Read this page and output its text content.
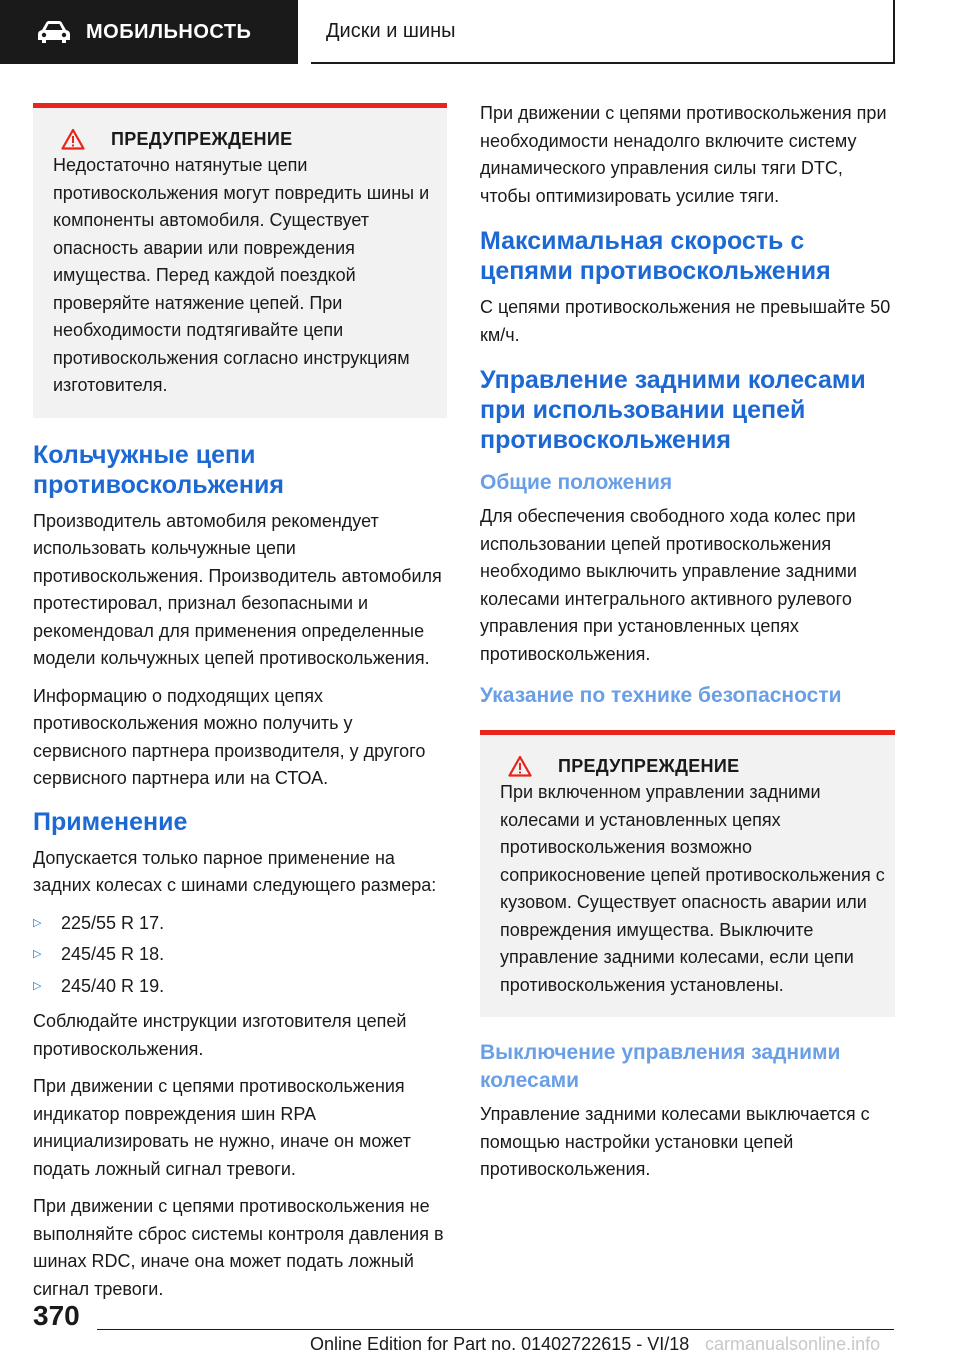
МОБИЛЬНОСТЬ	Диски и шины
ПРЕДУПРЕЖДЕНИЕ

Недостаточно натянутые цепи противоскольжения могут повредить шины и компоненты автомобиля. Существует опасность аварии или повреждения имущества. Перед каждой поездкой проверяйте натяжение цепей. При необходимости подтягивайте цепи противоскольжения согласно инструкциям изготовителя.

Кольчужные цепи противоскольжения

Производитель автомобиля рекомендует использовать кольчужные цепи противоскольжения. Производитель автомобиля протестировал, признал безопасными и рекомендовал для применения определенные модели кольчужных цепей противоскольжения.

Информацию о подходящих цепях противоскольжения можно получить у сервисного партнера производителя, у другого сервисного партнера или на СТОА.

Применение

Допускается только парное применение на задних колесах с шинами следующего размера:

▷	225/55 R 17.
▷	245/45 R 18.
▷	245/40 R 19.

Соблюдайте инструкции изготовителя цепей противоскольжения.

При движении с цепями противоскольжения индикатор повреждения шин RPA инициализировать не нужно, иначе он может подать ложный сигнал тревоги.

При движении с цепями противоскольжения не выполняйте сброс системы контроля давления в шинах RDC, иначе она может подать ложный сигнал тревоги.

При движении с цепями противоскольжения при необходимости ненадолго включите систему динамического управления силы тяги DTC, чтобы оптимизировать усилие тяги.

Максимальная скорость с цепями противоскольжения

С цепями противоскольжения не превышайте 50 км/ч.

Управление задними колесами при использовании цепей противоскольжения
Общие положения

Для обеспечения свободного хода колес при использовании цепей противоскольжения необходимо выключить управление задними колесами интегрального активного рулевого управления при установленных цепях противоскольжения.

Указание по технике безопасности
ПРЕДУПРЕЖДЕНИЕ

При включенном управлении задними колесами и установленных цепях противоскольжения возможно соприкосновение цепей противоскольжения с кузовом. Существует опасность аварии или повреждения имущества. Выключите управление задними колесами, если цепи противоскольжения установлены.

Выключение управления задними колесами

Управление задними колесами выключается с помощью настройки установки цепей противоскольжения.

370
Online Edition for Part no. 01402722615 - VI/18 carmanualsonline.info
